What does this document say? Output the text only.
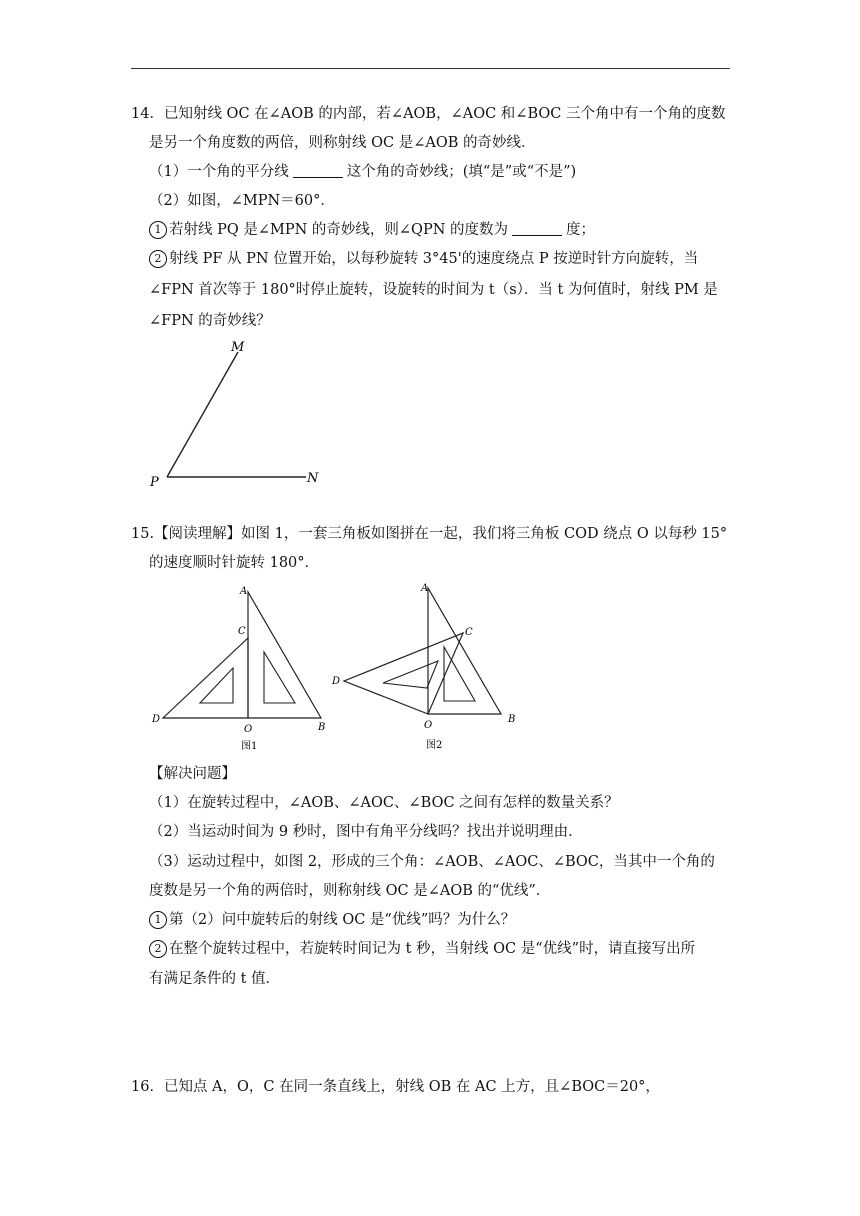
14．已知射线 OC 在∠AOB 的内部，若∠AOB，∠AOC 和∠BOC 三个角中有一个角的度数
是另一个角度数的两倍，则称射线 OC 是∠AOB 的奇妙线．
（1）一个角的平分线	这个角的奇妙线；(填“是”或“不是”)
（2）如图，∠MPN＝60°．
1 若射线 PQ 是∠MPN 的奇妙线，则∠QPN 的度数为	度；
2 射线 PF 从 PN 位置开始，以每秒旋转 3°45'的速度绕点 P 按逆时针方向旋转，当
∠FPN 首次等于 180°时停止旋转，设旋转的时间为 t（s）．当 t 为何值时，射线 PM 是
∠FPN 的奇妙线？
M
P	N
15.【阅读理解】如图 1，一套三角板如图拼在一起，我们将三角板 COD 绕点 O 以每秒 15°
的速度顺时针旋转 180°．
A
C
D
O	B
图1
A
C
D
O
B
图2
【解决问题】
（1）在旋转过程中，∠AOB、∠AOC、∠BOC 之间有怎样的数量关系？
（2）当运动时间为 9 秒时，图中有角平分线吗？找出并说明理由．
（3）运动过程中，如图 2，形成的三个角：∠AOB、∠AOC、∠BOC，当其中一个角的
度数是另一个角的两倍时，则称射线 OC 是∠AOB 的“优线”．
1 第（2）问中旋转后的射线 OC 是“优线”吗？为什么？
2 在整个旋转过程中，若旋转时间记为 t 秒，当射线 OC 是“优线”时，请直接写出所
有满足条件的 t 值．
16．已知点 A，O，C 在同一条直线上，射线 OB 在 AC 上方，且∠BOC＝20°，
